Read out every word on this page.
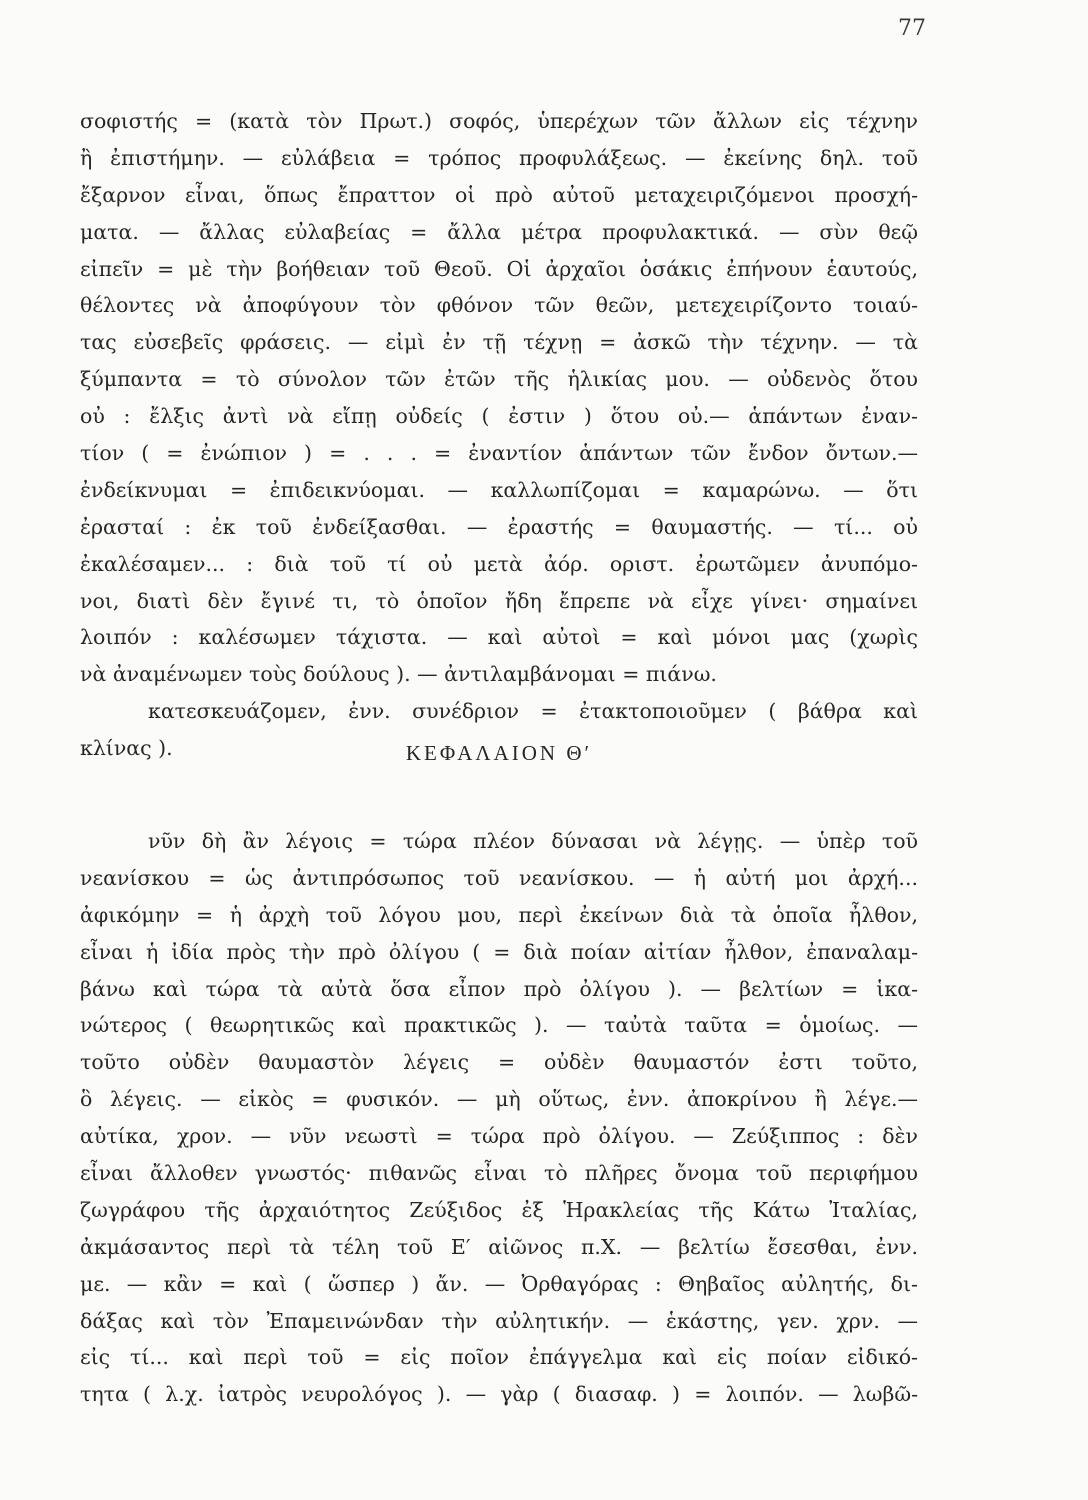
77
σοφιστής = (κατὰ τὸν Πρωτ.) σοφός, ὑπερέχων τῶν ἄλλων εἰς τέχνην
ἢ ἐπιστήμην. — εὐλάβεια = τρόπος προφυλάξεως. — ἐκείνης δηλ. τοῦ
ἔξαρνον εἶναι, ὅπως ἔπραττον οἱ πρὸ αὐτοῦ μεταχειριζόμενοι προσχή-
ματα. — ἄλλας εὐλαβείας = ἄλλα μέτρα προφυλακτικά. — σὺν θεῷ
εἰπεῖν = μὲ τὴν βοήθειαν τοῦ Θεοῦ. Οἱ ἀρχαῖοι ὁσάκις ἐπήνουν ἑαυτούς,
θέλοντες νὰ ἀποφύγουν τὸν φθόνον τῶν θεῶν, μετεχειρίζοντο τοιαύ-
τας εὐσεβεῖς φράσεις. — εἰμὶ ἐν τῇ τέχνῃ = ἀσκῶ τὴν τέχνην. — τὰ
ξύμπαντα = τὸ σύνολον τῶν ἐτῶν τῆς ἡλικίας μου. — οὐδενὸς ὅτου
οὐ : ἔλξις ἀντὶ νὰ εἴπῃ οὐδείς ( ἐστιν ) ὅτου οὐ.— ἁπάντων ἐναν-
τίον ( = ἐνώπιον ) = . . . = ἐναντίον ἁπάντων τῶν ἔνδον ὄντων.—
ἐνδείκνυμαι = ἐπιδεικνύομαι. — καλλωπίζομαι = καμαρώνω. — ὅτι
ἐρασταί : ἐκ τοῦ ἐνδείξασθαι. — ἐραστής = θαυμαστής. — τί... οὐ
ἐκαλέσαμεν... : διὰ τοῦ τί οὐ μετὰ ἀόρ. οριστ. ἐρωτῶμεν ἀνυπόμο-
νοι, διατὶ δὲν ἔγινέ τι, τὸ ὁποῖον ἤδη ἔπρεπε νὰ εἶχε γίνει· σημαίνει
λοιπόν : καλέσωμεν τάχιστα. — καὶ αὐτοὶ = καὶ μόνοι μας (χωρὶς
νὰ ἀναμένωμεν τοὺς δούλους ). — ἀντιλαμβάνομαι = πιάνω.
κατεσκευάζομεν, ἐνν. συνέδριον = ἐτακτοποιοῦμεν ( βάθρα καὶ
κλίνας ).	ΚΕΦΑΛΑΙΟΝ Θ′
νῦν δὴ ἂν λέγοις = τώρα πλέον δύνασαι νὰ λέγῃς. — ὑπὲρ τοῦ
νεανίσκου = ὡς ἀντιπρόσωπος τοῦ νεανίσκου. — ἡ αὐτή μοι ἀρχή...
ἀφικόμην = ἡ ἀρχὴ τοῦ λόγου μου, περὶ ἐκείνων διὰ τὰ ὁποῖα ἦλθον,
εἶναι ἡ ἰδία πρὸς τὴν πρὸ ὀλίγου ( = διὰ ποίαν αἰτίαν ἦλθον, ἐπαναλαμ-
βάνω καὶ τώρα τὰ αὐτὰ ὅσα εἶπον πρὸ ὀλίγου ). — βελτίων = ἱκα-
νώτερος ( θεωρητικῶς καὶ πρακτικῶς ). — ταὐτὰ ταῦτα = ὁμοίως. —
τοῦτο οὐδὲν θαυμαστὸν λέγεις = οὐδὲν θαυμαστόν ἐστι τοῦτο,
ὃ λέγεις. — εἰκὸς = φυσικόν. — μὴ οὕτως, ἐνν. ἀποκρίνου ἢ λέγε.—
αὐτίκα, χρον. — νῦν νεωστὶ = τώρα πρὸ ὀλίγου. — Ζεύξιππος : δὲν
εἶναι ἄλλοθεν γνωστός· πιθανῶς εἶναι τὸ πλῆρες ὄνομα τοῦ περιφήμου
ζωγράφου τῆς ἀρχαιότητος Ζεύξιδος ἐξ Ἡρακλείας τῆς Κάτω Ἰταλίας,
ἀκμάσαντος περὶ τὰ τέλη τοῦ Ε′ αἰῶνος π.Χ. — βελτίω ἔσεσθαι, ἐνν.
με. — κἂν = καὶ ( ὥσπερ ) ἄν. — Ὀρθαγόρας : Θηβαῖος αὐλητής, δι-
δάξας καὶ τὸν Ἐπαμεινώνδαν τὴν αὐλητικήν. — ἑκάστης, γεν. χρν. —
εἰς τί... καὶ περὶ τοῦ = εἰς ποῖον ἐπάγγελμα καὶ εἰς ποίαν εἰδικό-
τητα ( λ.χ. ἰατρὸς νευρολόγος ). — γὰρ ( διασαφ. ) = λοιπόν. — λωβῶ-
